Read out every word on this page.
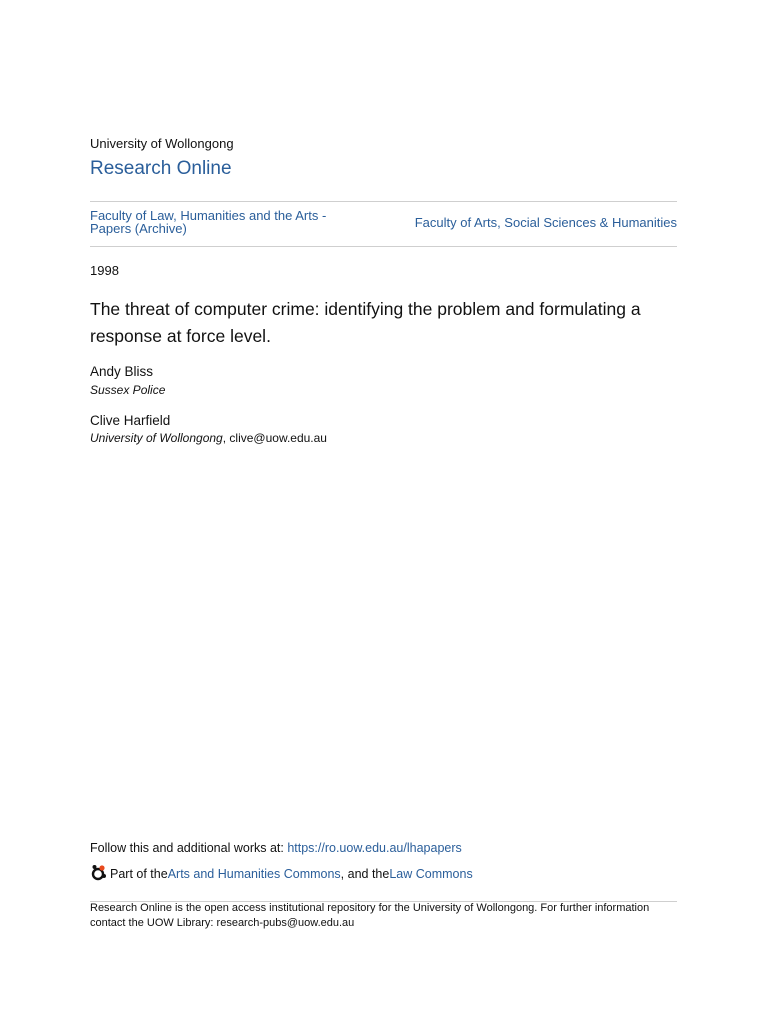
University of Wollongong
Research Online
Faculty of Law, Humanities and the Arts - Papers (Archive)	Faculty of Arts, Social Sciences & Humanities
1998
The threat of computer crime: identifying the problem and formulating a response at force level.
Andy Bliss
Sussex Police
Clive Harfield
University of Wollongong, clive@uow.edu.au
Follow this and additional works at: https://ro.uow.edu.au/lhapapers
Part of the Arts and Humanities Commons , and the Law Commons
Research Online is the open access institutional repository for the University of Wollongong. For further information contact the UOW Library: research-pubs@uow.edu.au
